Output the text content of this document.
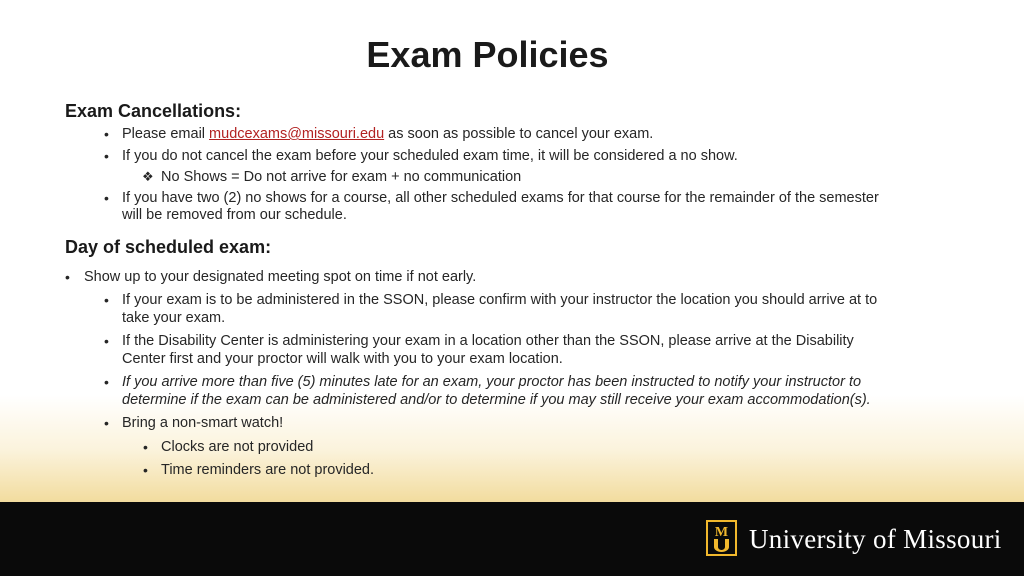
Exam Policies
Exam Cancellations:
• Please email mudcexams@missouri.edu as soon as possible to cancel your exam.
• If you do not cancel the exam before your scheduled exam time, it will be considered a no show.
❖ No Shows = Do not arrive for exam + no communication
• If you have two (2) no shows for a course, all other scheduled exams for that course for the remainder of the semester
will be removed from our schedule.
Day of scheduled exam:
• Show up to your designated meeting spot on time if not early.
• If your exam is to be administered in the SSON, please confirm with your instructor the location you should arrive at to
take your exam.
• If the Disability Center is administering your exam in a location other than the SSON, please arrive at the Disability
Center first and your proctor will walk with you to your exam location.
• If you arrive more than five (5) minutes late for an exam, your proctor has been instructed to notify your instructor to
determine if the exam can be administered and/or to determine if you may still receive your exam accommodation(s).
• Bring a non-smart watch!
• Clocks are not provided
• Time reminders are not provided.
M University of Missouri
